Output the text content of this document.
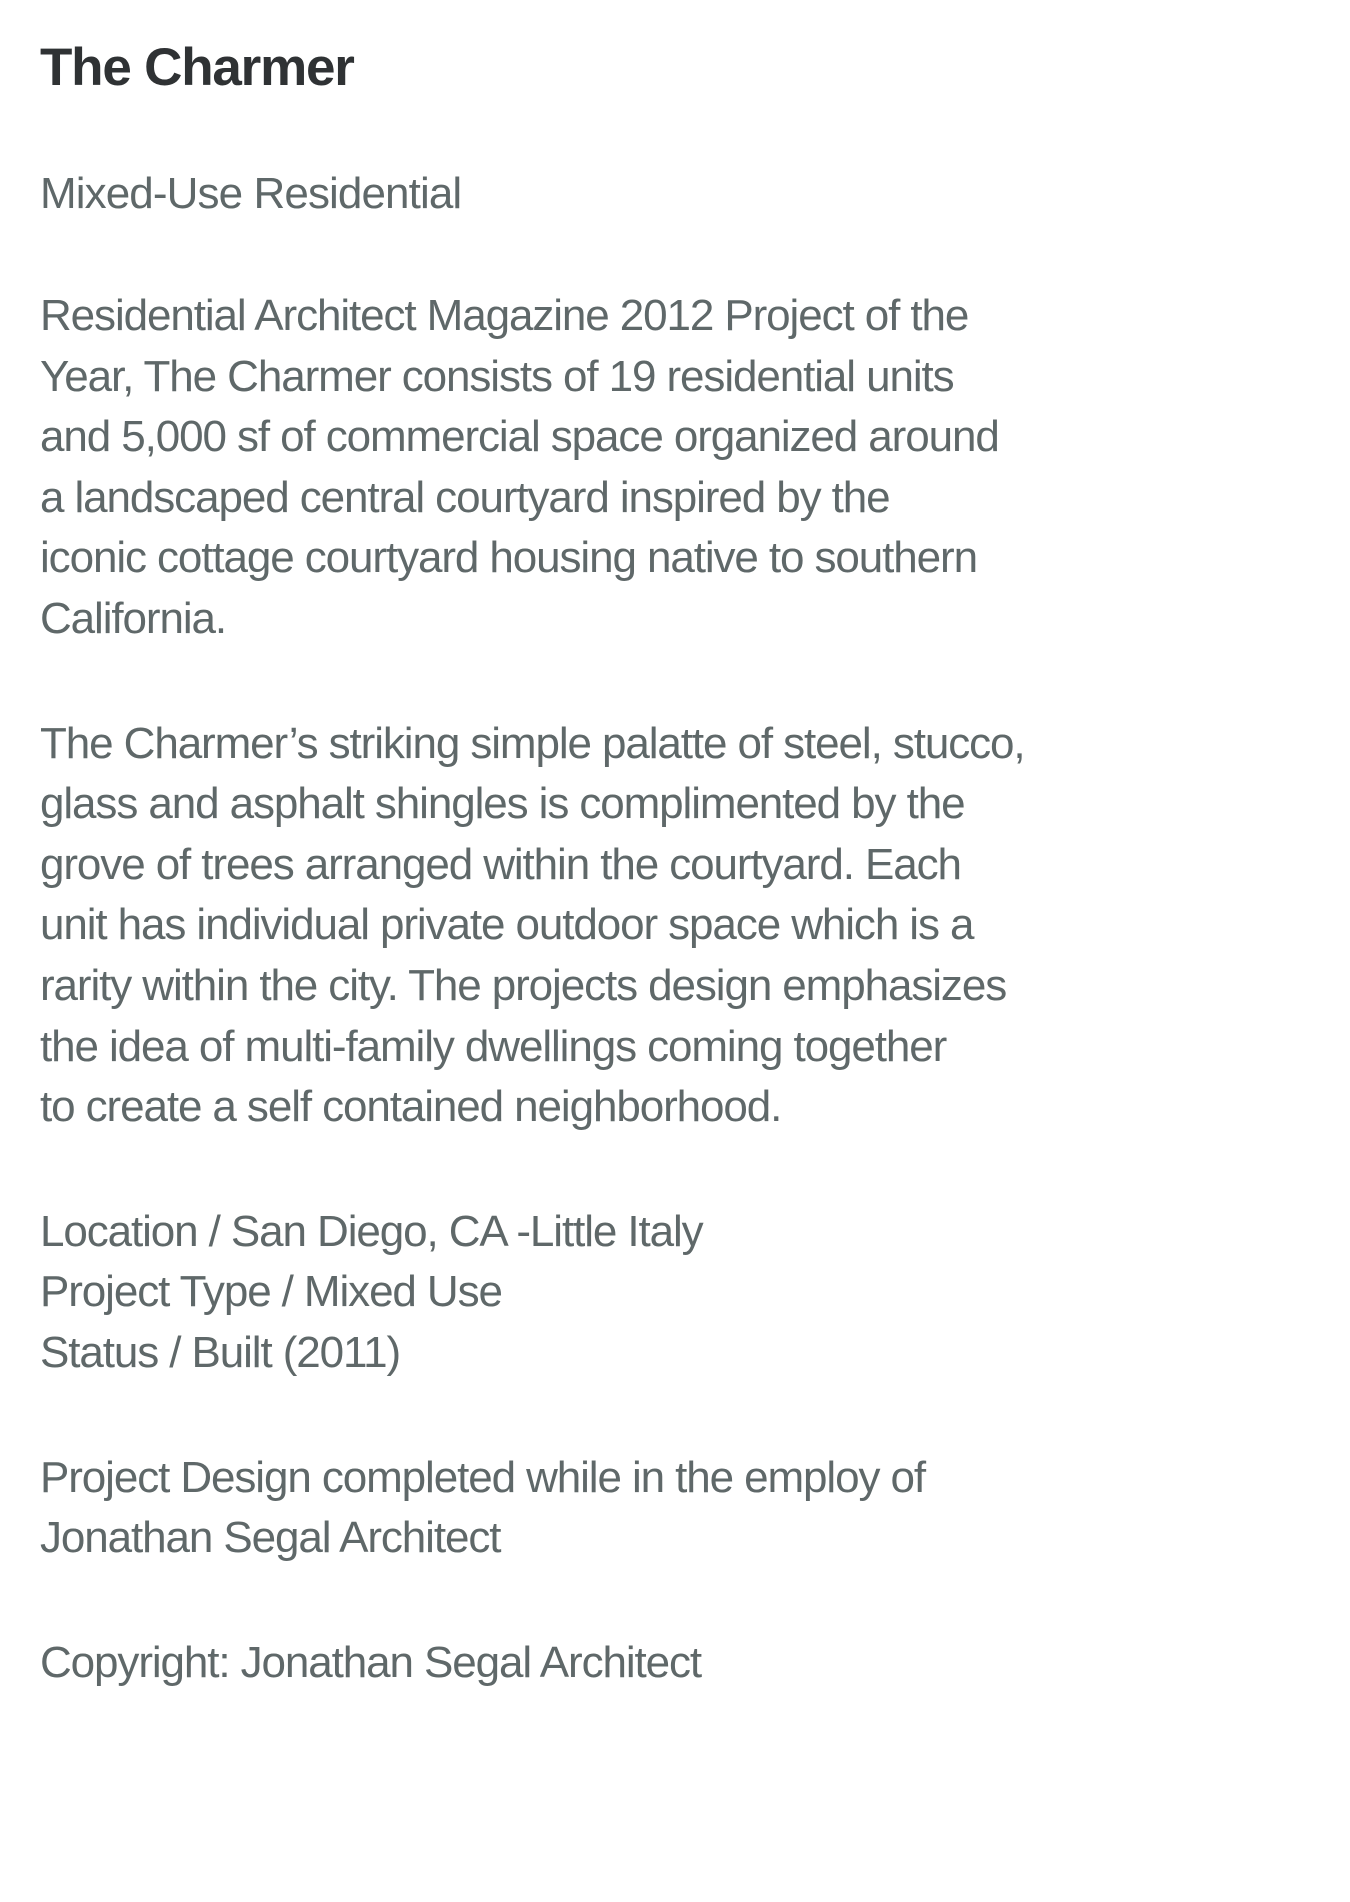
The Charmer

Mixed-Use Residential

Residential Architect Magazine 2012 Project of the
Year, The Charmer consists of 19 residential units
and 5,000 sf of commercial space organized around
a landscaped central courtyard inspired by the
iconic cottage courtyard housing native to southern
California.

The Charmer’s striking simple palatte of steel, stucco,
glass and asphalt shingles is complimented by the
grove of trees arranged within the courtyard. Each
unit has individual private outdoor space which is a
rarity within the city. The projects design emphasizes
the idea of multi-family dwellings coming together
to create a self contained neighborhood.

Location / San Diego, CA -Little Italy
Project Type / Mixed Use
Status / Built (2011)

Project Design completed while in the employ of
Jonathan Segal Architect

Copyright: Jonathan Segal Architect
